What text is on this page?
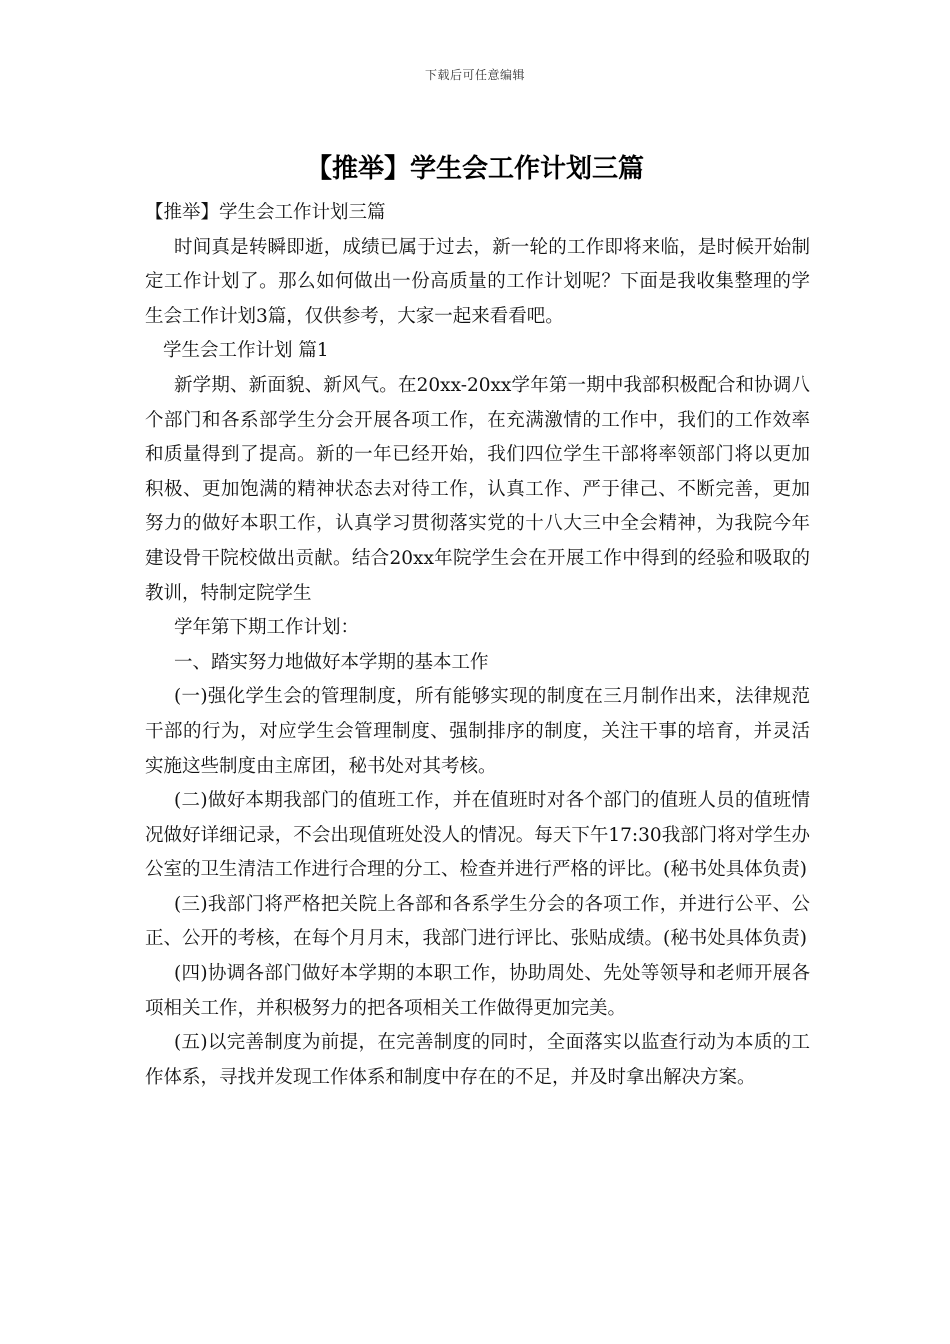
下载后可任意编辑
【推举】学生会工作计划三篇

【推举】学生会工作计划三篇

时间真是转瞬即逝，成绩已属于过去，新一轮的工作即将来临，是时候开始制定工作计划了。那么如何做出一份高质量的工作计划呢？下面是我收集整理的学生会工作计划3篇，仅供参考，大家一起来看看吧。

学生会工作计划 篇1

新学期、新面貌、新风气。在20xx-20xx学年第一期中我部积极配合和协调八个部门和各系部学生分会开展各项工作，在充满激情的工作中，我们的工作效率和质量得到了提高。新的一年已经开始，我们四位学生干部将率领部门将以更加积极、更加饱满的精神状态去对待工作，认真工作、严于律己、不断完善，更加努力的做好本职工作，认真学习贯彻落实党的十八大三中全会精神，为我院今年建设骨干院校做出贡献。结合20xx年院学生会在开展工作中得到的经验和吸取的教训，特制定院学生

学年第下期工作计划：

一、踏实努力地做好本学期的基本工作

(一)强化学生会的管理制度，所有能够实现的制度在三月制作出来，法律规范干部的行为，对应学生会管理制度、强制排序的制度，关注干事的培育，并灵活实施这些制度由主席团，秘书处对其考核。

(二)做好本期我部门的值班工作，并在值班时对各个部门的值班人员的值班情况做好详细记录，不会出现值班处没人的情况。每天下午17:30我部门将对学生办公室的卫生清洁工作进行合理的分工、检查并进行严格的评比。(秘书处具体负责)

(三)我部门将严格把关院上各部和各系学生分会的各项工作，并进行公平、公正、公开的考核，在每个月月末，我部门进行评比、张贴成绩。(秘书处具体负责)

(四)协调各部门做好本学期的本职工作，协助周处、先处等领导和老师开展各项相关工作，并积极努力的把各项相关工作做得更加完美。

(五)以完善制度为前提，在完善制度的同时，全面落实以监查行动为本质的工作体系，寻找并发现工作体系和制度中存在的不足，并及时拿出解决方案。
